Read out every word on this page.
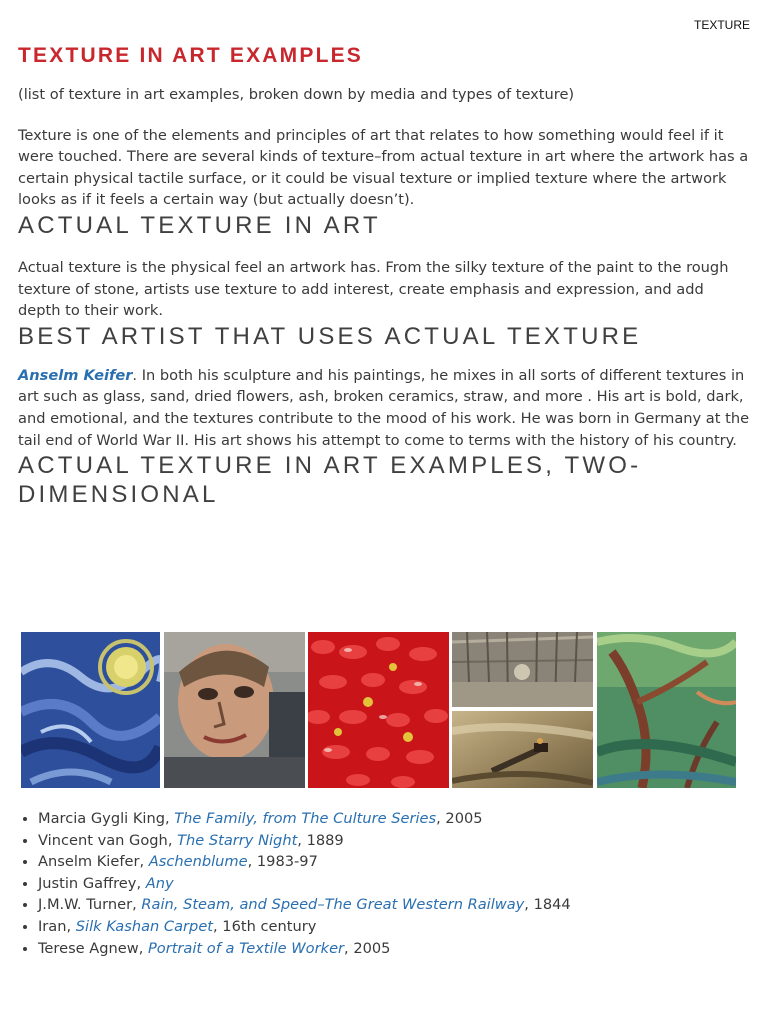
TEXTURE
TEXTURE IN ART EXAMPLES

(list of texture in art examples, broken down by media and types of texture)

Texture is one of the elements and principles of art that relates to how something would feel if it were touched. There are several kinds of texture–from actual texture in art where the artwork has a certain physical tactile surface, or it could be visual texture or implied texture where the artwork looks as if it feels a certain way (but actually doesn’t).

ACTUAL TEXTURE IN ART

Actual texture is the physical feel an artwork has. From the silky texture of the paint to the rough texture of stone, artists use texture to add interest, create emphasis and expression, and add depth to their work.

BEST ARTIST THAT USES ACTUAL TEXTURE

Anselm Keifer. In both his sculpture and his paintings, he mixes in all sorts of different textures in art such as glass, sand, dried flowers, ash, broken ceramics, straw, and more . His art is bold, dark, and emotional, and the textures contribute to the mood of his work. He was born in Germany at the tail end of World War II. His art shows his attempt to come to terms with the history of his country.

ACTUAL TEXTURE IN ART EXAMPLES, TWO-DIMENSIONAL
• Marcia Gygli King, The Family, from The Culture Series, 2005
• Vincent van Gogh, The Starry Night, 1889
• Anselm Kiefer, Aschenblume, 1983-97
• Justin Gaffrey, Any
• J.M.W. Turner, Rain, Steam, and Speed–The Great Western Railway, 1844
• Iran, Silk Kashan Carpet, 16th century
• Terese Agnew, Portrait of a Textile Worker, 2005
